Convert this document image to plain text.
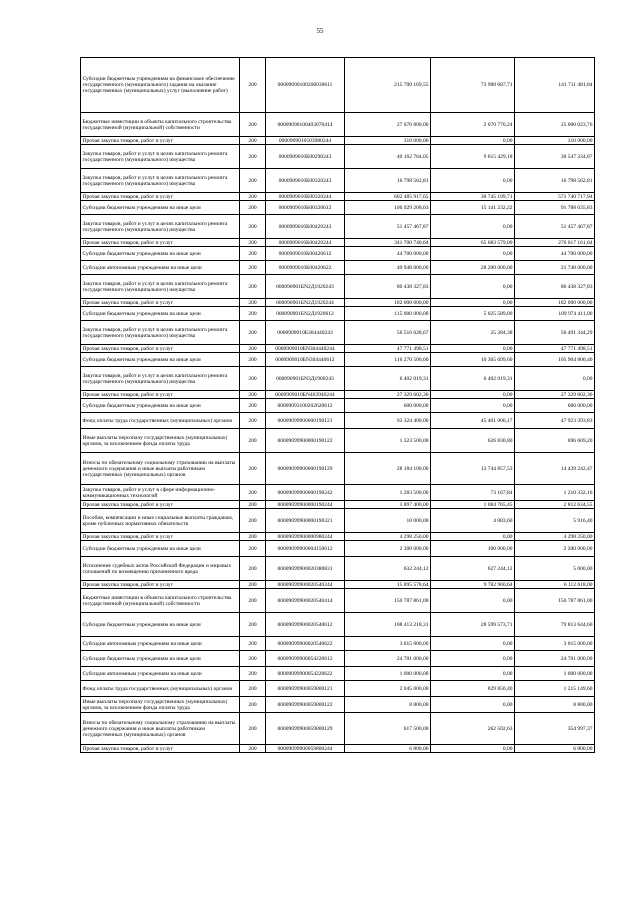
55
Субсидии бюджетным учреждениям на финансовое обеспечение государственного (муниципального) задания на оказание государственных (муниципальных) услуг (выполнение работ)	200	00009090100206030611	215 700 169,55	73 988 687,71	141 711 481,84
Бюджетные инвестиции в объекты капитального строительства государственной (муниципальной) собственности	200	00009090100403070414	27 670 800,00	2 670 776,24	25 000 023,76
Прочая закупка товаров, работ и услуг	200	0000909010503980244	310 000,00	0,00	310 000,00
Закупка товаров, работ и услуг в целях капитального ремонта государственного (муниципального) имущества	200	0000909010Б00290243	40 162 764,05	9 615 429,18	30 547 334,87
Закупка товаров, работ и услуг в целях капитального ремонта государственного (муниципального) имущества	200	0000909010Б00320243	16 798 562,81	0,00	16 798 562,81
Прочая закупка товаров, работ и услуг	200	0000909010Б00320244	602 485 917,65	30 745 199,71	571 740 717,94
Субсидии бюджетным учреждениям на иные цели	200	0000909010Б00320612	106 929 268,03	15 141 232,22	91 788 035,83
Закупка товаров, работ и услуг в целях капитального ремонта государственного (муниципального) имущества	200	0000909010Б00420243	51 457 467,87	0,00	51 457 467,87
Прочая закупка товаров, работ и услуг	200	0000909010Б00420244	341 700 740,64	65 683 579,00	276 017 161,64
Субсидии бюджетным учреждениям на иные цели	200	0000909010Б00420612	44 700 000,00	0,00	44 700 000,00
Субсидии автономным учреждениям на иные цели	200	0000909010Б00420622	49 948 000,00	28 200 000,00	21 748 000,00
Закупка товаров, работ и услуг в целях капитального ремонта государственного (муниципального) имущества	200	000090901БN2Д1920243	80 438 327,83	0,00	80 438 327,83
Прочая закупка товаров, работ и услуг	200	000090901БN2Д1920244	182 000 000,00	0,00	182 000 000,00
Субсидии бюджетным учреждениям на иные цели	200	000090901БN2Д1920612	115 000 000,00	5 025 589,00	109 974 411,00
Закупка товаров, работ и услуг в целях капитального ремонта государственного (муниципального) имущества	200	0000909010Б304440243	56 516 628,67	25 284,38	56 491 344,29
Прочая закупка товаров, работ и услуг	200	0000909010БN304440244	47 771 498,51	0,00	47 771 498,51
Субсидии бюджетным учреждениям на иные цели	200	0000909010БN304440612	116 270 500,00	10 365 699,60	105 904 800,40
Закупка товаров, работ и услуг в целях капитального ремонта государственного (муниципального) имущества	200	000090901БN3Д1900243	6 402 019,31	6 402 019,31	0,00
Прочая закупка товаров, работ и услуг	200	0000909010БN403940244	27 329 602,36	0,00	27 329 602,36
Субсидии бюджетным учреждениям на иные цели	200	00009093100202620612	600 000,00	0,00	600 000,00
Фонд оплаты труда государственных (муниципальных) органов	200	00009099900000190121	93 324 400,00	45 401 006,17	47 923 393,83
Иные выплаты персоналу государственных (муниципальных) органов, за исключением фонда оплаты труда	200	00009099900000190122	1 323 500,00	626 830,80	696 669,20
Взносы по обязательному социальному страхованию на выплаты денежного содержания и иные выплаты работникам государственных (муниципальных) органов	200	00009099900000190129	28 184 100,00	13 744 857,53	14 439 242,47
Закупка товаров, работ и услуг в сфере информационно-коммуникационных технологий	200	00009099900000190242	1 283 500,00	73 167,84	1 210 332,16
Прочая закупка товаров, работ и услуг	200	00009099900000190244	3 897 400,00	1 084 765,45	2 812 634,55
Пособия, компенсации и иные социальные выплаты гражданам, кроме публичных нормативных обязательств	200	00009099900000190321	10 000,00	4 083,60	5 916,40
Прочая закупка товаров, работ и услуг	200	00009099900000980244	4 298 250,00	0,00	4 298 250,00
Субсидии бюджетным учреждениям на иные цели	200	00009099900004150612	2 300 000,00	100 000,00	2 200 000,00
Исполнение судебных актов Российской Федерации и мировых соглашений по возмещению причиненного вреда	200	00009099900020380831	632 244,12	627 244,12	5 000,00
Прочая закупка товаров, работ и услуг	200	00009099900020540244	15 895 578,64	9 782 960,64	6 112 618,00
Бюджетные инвестиции в объекты капитального строительства государственной (муниципальной) собственности	200	00009099900020540414	150 787 861,00	0,00	150 787 861,00
Субсидии бюджетным учреждениям на иные цели	200	00009099900020540612	108 413 218,31	28 599 573,71	79 813 644,60
Субсидии автономным учреждениям на иные цели	200	00009099900020540622	3 015 000,00	0,00	3 015 000,00
Субсидии бюджетным учреждениям на иные цели	200	00009099900054220612	24 701 000,00	0,00	24 701 000,00
Субсидии автономным учреждениям на иные цели	200	00009099900054220622	1 000 000,00	0,00	1 000 000,00
Фонд оплаты труда государственных (муниципальных) органов	200	00009099900059800121	2 045 000,00	829 850,40	1 215 149,60
Иные выплаты персоналу государственных (муниципальных) органов, за исключением фонда оплаты труда	200	00009099900059800122	8 800,00	0,00	8 800,00
Взносы по обязательному социальному страхованию на выплаты денежного содержания и иные выплаты работникам государственных (муниципальных) органов	200	00009099900059800129	617 500,00	262 502,63	354 997,37
Прочая закупка товаров, работ и услуг	200	00009099900059800244	6 800,00	0,00	6 800,00
